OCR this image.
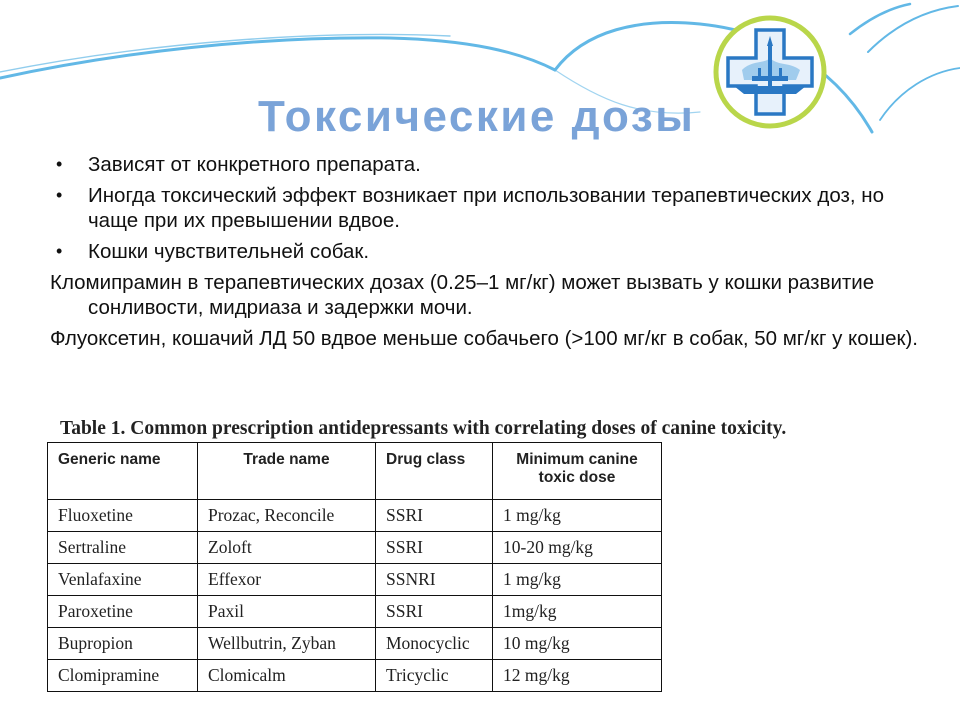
Токсические дозы
• Зависят от конкретного препарата.
• Иногда токсический эффект возникает при использовании терапевтических доз, но чаще при их превышении вдвое.
• Кошки чувствительней собак.
Кломипрамин в терапевтических дозах (0.25–1 мг/кг) может вызвать у кошки развитие сонливости, мидриаза и задержки мочи.
Флуоксетин, кошачий ЛД 50 вдвое меньше собачьего (>100 мг/кг в собак, 50 мг/кг у кошек).

Table 1. Common prescription antidepressants with correlating doses of canine toxicity.

Generic name	Trade name	Drug class	Minimum canine toxic dose
Fluoxetine	Prozac, Reconcile	SSRI	1 mg/kg
Sertraline	Zoloft	SSRI	10-20 mg/kg
Venlafaxine	Effexor	SSNRI	1 mg/kg
Paroxetine	Paxil	SSRI	1mg/kg
Bupropion	Wellbutrin, Zyban	Monocyclic	10 mg/kg
Clomipramine	Clomicalm	Tricyclic	12 mg/kg
